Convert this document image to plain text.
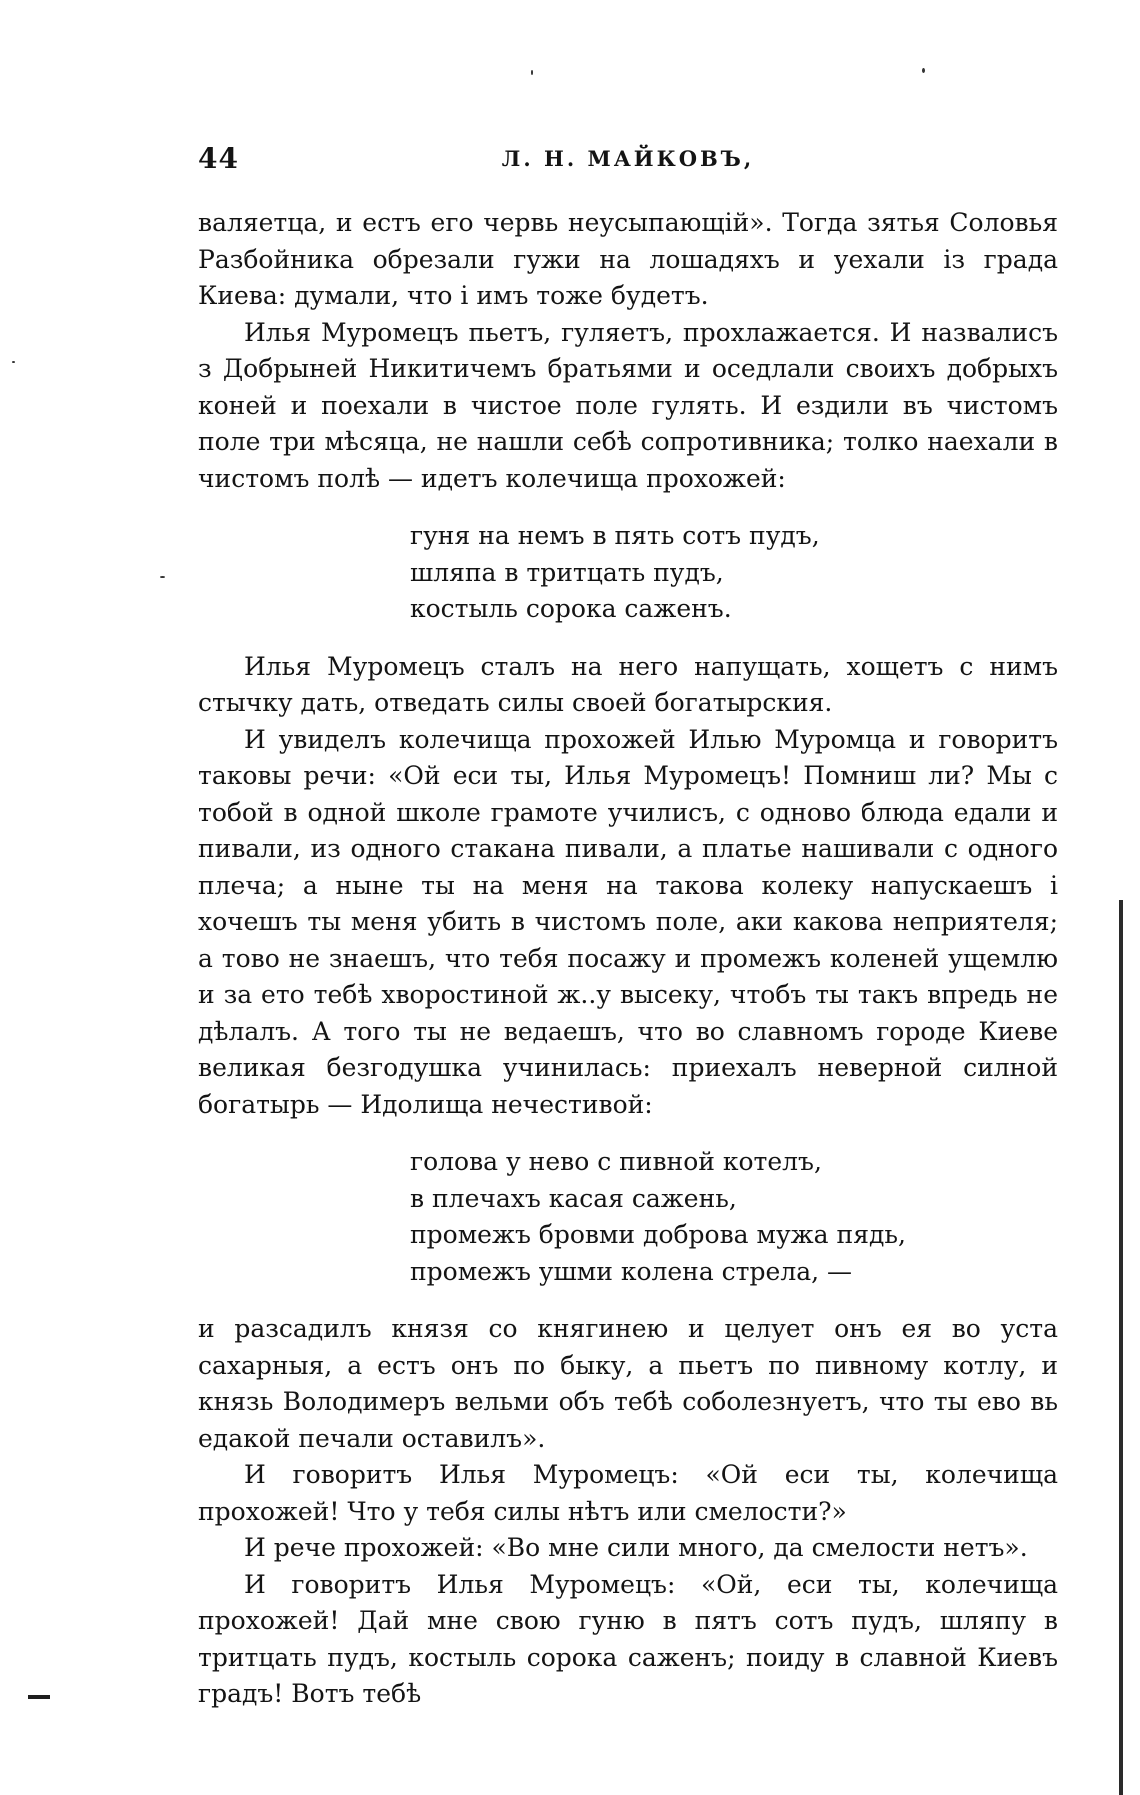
44	Л. Н. МАЙКОВЪ,

валяетца, и естъ его червь неусыпающій». Тогда зятья Соловья Разбойника обрезали гужи на лошадяхъ и уехали із града Киева: думали, что і имъ тоже будетъ.

Илья Муромецъ пьетъ, гуляетъ, прохлажается. И назвалисъ з Добрыней Никитичемъ братьями и оседлали своихъ добрыхъ коней и поехали в чистое поле гулять. И ездили въ чистомъ поле три мѣсяца, не нашли себѣ сопротивника; толко наехали в чистомъ полѣ — идетъ колечища прохожей:

гуня на немъ в пять сотъ пудъ,
шляпа в тритцать пудъ,
костыль сорока саженъ.

Илья Муромецъ сталъ на него напущать, хощетъ с нимъ стычку дать, отведать силы своей богатырския.

И увиделъ колечища прохожей Илью Муромца и говоритъ таковы речи: «Ой еси ты, Илья Муромецъ! Помниш ли? Мы с тобой в одной школе грамоте училисъ, с одново блюда едали и пивали, из одного стакана пивали, а платье нашивали с одного плеча; а ныне ты на меня на такова колеку напускаешъ і хочешъ ты меня убить в чистомъ поле, аки какова неприятеля; а тово не знаешъ, что тебя посажу и промежъ коленей ущемлю и за ето тебѣ хворостиной ж..у высеку, чтобъ ты такъ впредь не дѣлалъ. А того ты не ведаешъ, что во славномъ городе Киеве великая безгодушка учинилась: приехалъ неверной силной богатырь — Идолища нечестивой:

голова у нево с пивной котелъ,
в плечахъ касая сажень,
промежъ бровми доброва мужа пядь,
промежъ ушми колена стрела, —

и разсадилъ князя со княгинею и целует онъ ея во уста сахарныя, а естъ онъ по быку, а пьетъ по пивному котлу, и князь Володимеръ вельми объ тебѣ соболезнуетъ, что ты ево вь едакой печали оставилъ».

И говоритъ Илья Муромецъ: «Ой еси ты, колечища прохожей! Что у тебя силы нѣтъ или смелости?»

И рече прохожей: «Во мне сили много, да смелости нетъ».

И говоритъ Илья Муромецъ: «Ой, еси ты, колечища прохожей! Дай мне свою гуню в пятъ сотъ пудъ, шляпу в тритцать пудъ, костыль сорока саженъ; поиду в славной Киевъ градъ! Вотъ тебѣ
